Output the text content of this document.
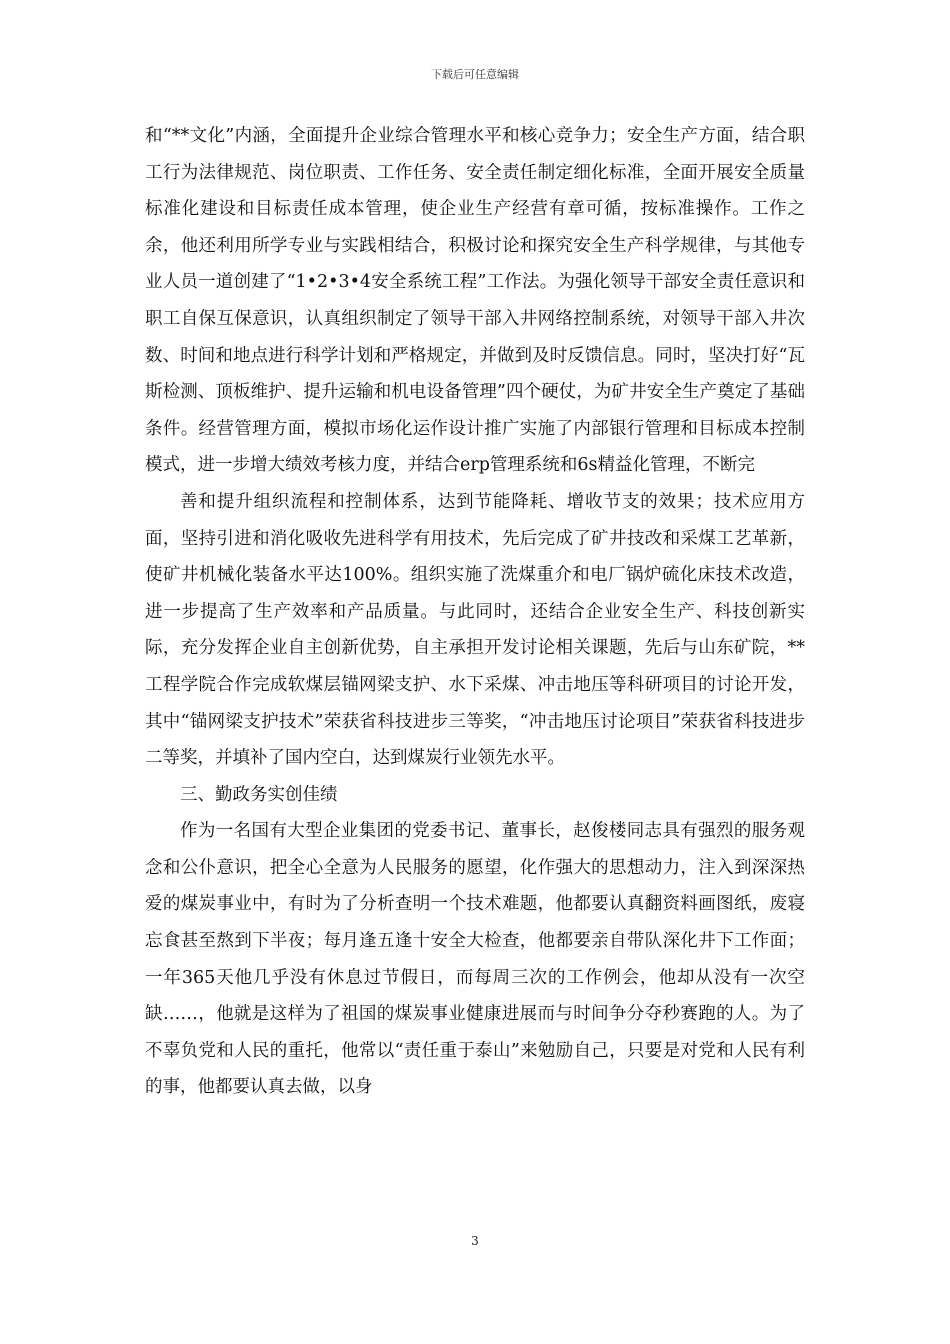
下载后可任意编辑

和“**文化”内涵，全面提升企业综合管理水平和核心竞争力；安全生产方面，结合职工行为法律规范、岗位职责、工作任务、安全责任制定细化标准，全面开展安全质量标准化建设和目标责任成本管理，使企业生产经营有章可循，按标准操作。工作之余，他还利用所学专业与实践相结合，积极讨论和探究安全生产科学规律，与其他专业人员一道创建了“1•2•3•4安全系统工程”工作法。为强化领导干部安全责任意识和职工自保互保意识，认真组织制定了领导干部入井网络控制系统，对领导干部入井次数、时间和地点进行科学计划和严格规定，并做到及时反馈信息。同时，坚决打好“瓦斯检测、顶板维护、提升运输和机电设备管理”四个硬仗，为矿井安全生产奠定了基础条件。经营管理方面，模拟市场化运作设计推广实施了内部银行管理和目标成本控制模式，进一步增大绩效考核力度，并结合erp管理系统和6s精益化管理，不断完

善和提升组织流程和控制体系，达到节能降耗、增收节支的效果；技术应用方面，坚持引进和消化吸收先进科学有用技术，先后完成了矿井技改和采煤工艺革新，使矿井机械化装备水平达100%。组织实施了洗煤重介和电厂锅炉硫化床技术改造，进一步提高了生产效率和产品质量。与此同时，还结合企业安全生产、科技创新实际，充分发挥企业自主创新优势，自主承担开发讨论相关课题，先后与山东矿院，**工程学院合作完成软煤层锚网梁支护、水下采煤、冲击地压等科研项目的讨论开发，其中“锚网梁支护技术”荣获省科技进步三等奖，“冲击地压讨论项目”荣获省科技进步二等奖，并填补了国内空白，达到煤炭行业领先水平。

三、勤政务实创佳绩

作为一名国有大型企业集团的党委书记、董事长，赵俊楼同志具有强烈的服务观念和公仆意识，把全心全意为人民服务的愿望，化作强大的思想动力，注入到深深热爱的煤炭事业中，有时为了分析查明一个技术难题，他都要认真翻资料画图纸，废寝忘食甚至熬到下半夜；每月逢五逢十安全大检查，他都要亲自带队深化井下工作面；一年365天他几乎没有休息过节假日，而每周三次的工作例会，他却从没有一次空缺……，他就是这样为了祖国的煤炭事业健康进展而与时间争分夺秒赛跑的人。为了不辜负党和人民的重托，他常以“责任重于泰山”来勉励自己，只要是对党和人民有利的事，他都要认真去做，以身

3
